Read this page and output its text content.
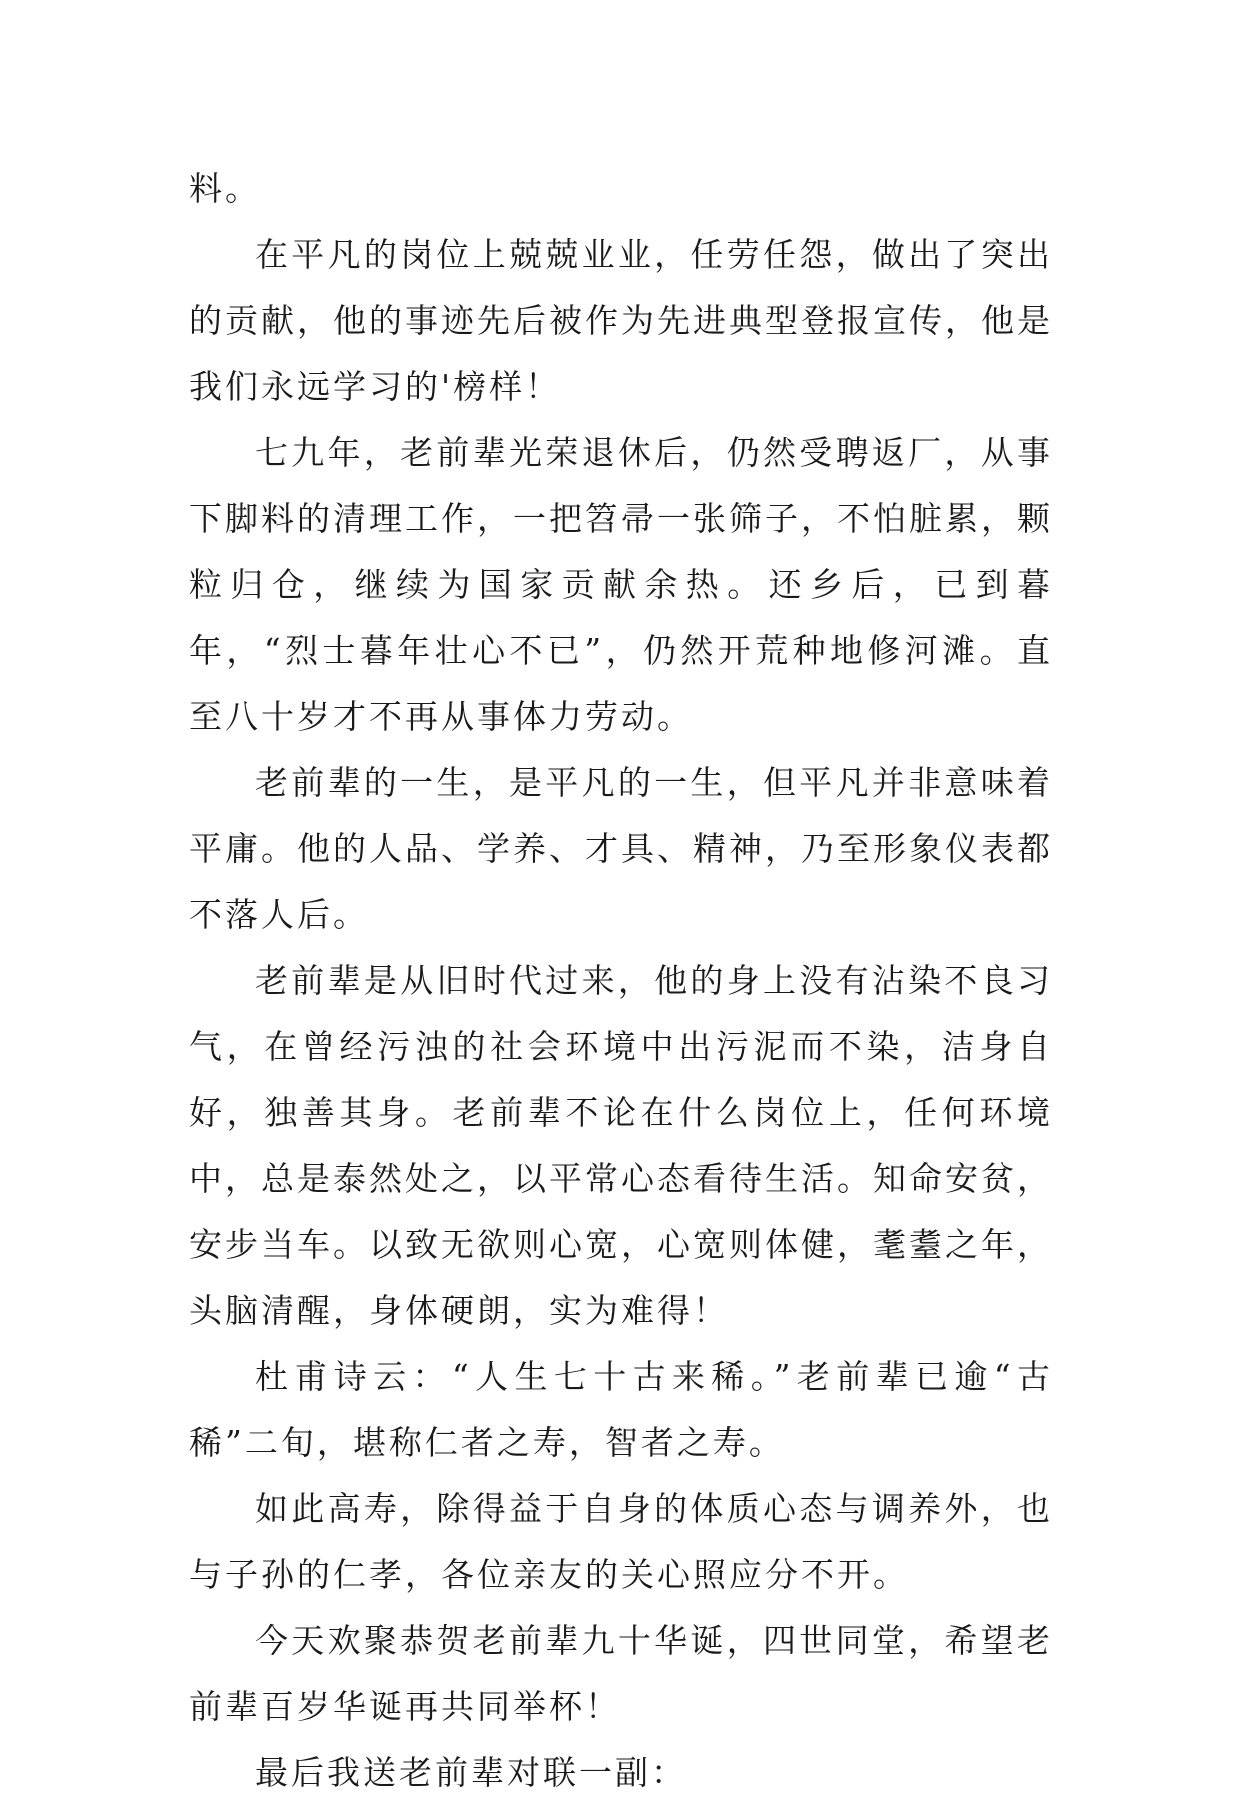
料。

在平凡的岗位上兢兢业业，任劳任怨，做出了突出的贡献，他的事迹先后被作为先进典型登报宣传，他是我们永远学习的'榜样！

七九年，老前辈光荣退休后，仍然受聘返厂，从事下脚料的清理工作，一把笤帚一张筛子，不怕脏累，颗粒归仓，继续为国家贡献余热。还乡后，已到暮年，“烈士暮年壮心不已”，仍然开荒种地修河滩。直至八十岁才不再从事体力劳动。

老前辈的一生，是平凡的一生，但平凡并非意味着平庸。他的人品、学养、才具、精神，乃至形象仪表都不落人后。

老前辈是从旧时代过来，他的身上没有沾染不良习气，在曾经污浊的社会环境中出污泥而不染，洁身自好，独善其身。老前辈不论在什么岗位上，任何环境中，总是泰然处之，以平常心态看待生活。知命安贫，安步当车。以致无欲则心宽，心宽则体健，耄耋之年，头脑清醒，身体硬朗，实为难得！

杜甫诗云：“人生七十古来稀。”老前辈已逾“古稀”二旬，堪称仁者之寿，智者之寿。

如此高寿，除得益于自身的体质心态与调养外，也与子孙的仁孝，各位亲友的关心照应分不开。

今天欢聚恭贺老前辈九十华诞，四世同堂，希望老前辈百岁华诞再共同举杯！

最后我送老前辈对联一副：
